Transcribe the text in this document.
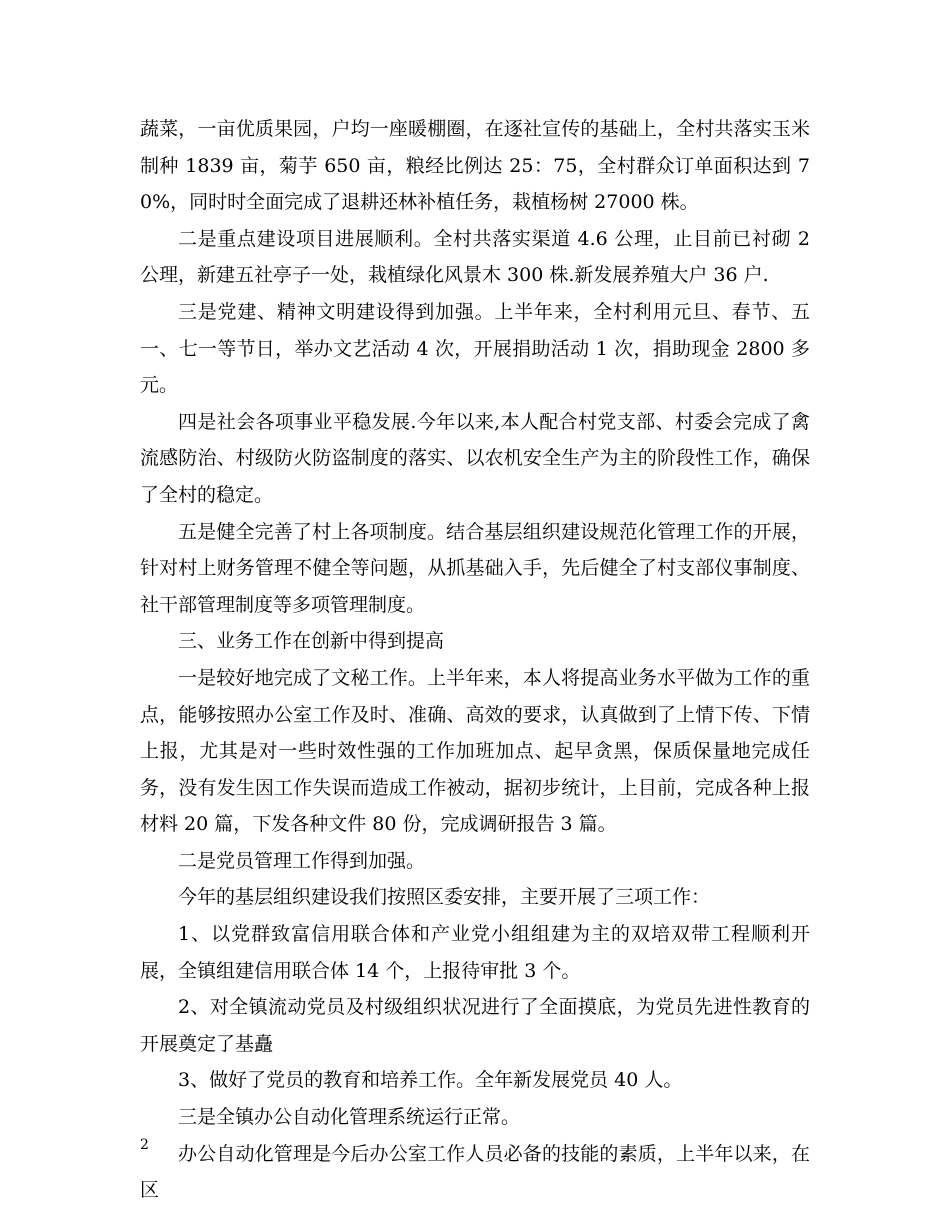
蔬菜，一亩优质果园，户均一座暖棚圈，在逐社宣传的基础上，全村共落实玉米制种 1839 亩，菊芋 650 亩，粮经比例达 25：75，全村群众订单面积达到 70%，同时时全面完成了退耕还林补植任务，栽植杨树 27000 株。

二是重点建设项目进展顺利。全村共落实渠道 4.6 公理，止目前已衬砌 2 公理，新建五社亭子一处，栽植绿化风景木 300 株.新发展养殖大户 36 户.

三是党建、精神文明建设得到加强。上半年来，全村利用元旦、春节、五一、七一等节日，举办文艺活动 4 次，开展捐助活动 1 次，捐助现金 2800 多元。

四是社会各项事业平稳发展.今年以来,本人配合村党支部、村委会完成了禽流感防治、村级防火防盗制度的落实、以农机安全生产为主的阶段性工作，确保了全村的稳定。

五是健全完善了村上各项制度。结合基层组织建设规范化管理工作的开展，针对村上财务管理不健全等问题，从抓基础入手，先后健全了村支部仪事制度、社干部管理制度等多项管理制度。

三、业务工作在创新中得到提高

一是较好地完成了文秘工作。上半年来，本人将提高业务水平做为工作的重点，能够按照办公室工作及时、准确、高效的要求，认真做到了上情下传、下情上报，尤其是对一些时效性强的工作加班加点、起早贪黑，保质保量地完成任务，没有发生因工作失误而造成工作被动，据初步统计，上目前，完成各种上报材料 20 篇，下发各种文件 80 份，完成调研报告 3 篇。

二是党员管理工作得到加强。

今年的基层组织建设我们按照区委安排，主要开展了三项工作：

1、以党群致富信用联合体和产业党小组组建为主的双培双带工程顺利开展，全镇组建信用联合体 14 个，上报待审批 3 个。

2、对全镇流动党员及村级组织状况进行了全面摸底，为党员先进性教育的开展奠定了基矗

3、做好了党员的教育和培养工作。全年新发展党员 40 人。

三是全镇办公自动化管理系统运行正常。

办公自动化管理是今后办公室工作人员必备的技能的素质，上半年以来，在区

2
